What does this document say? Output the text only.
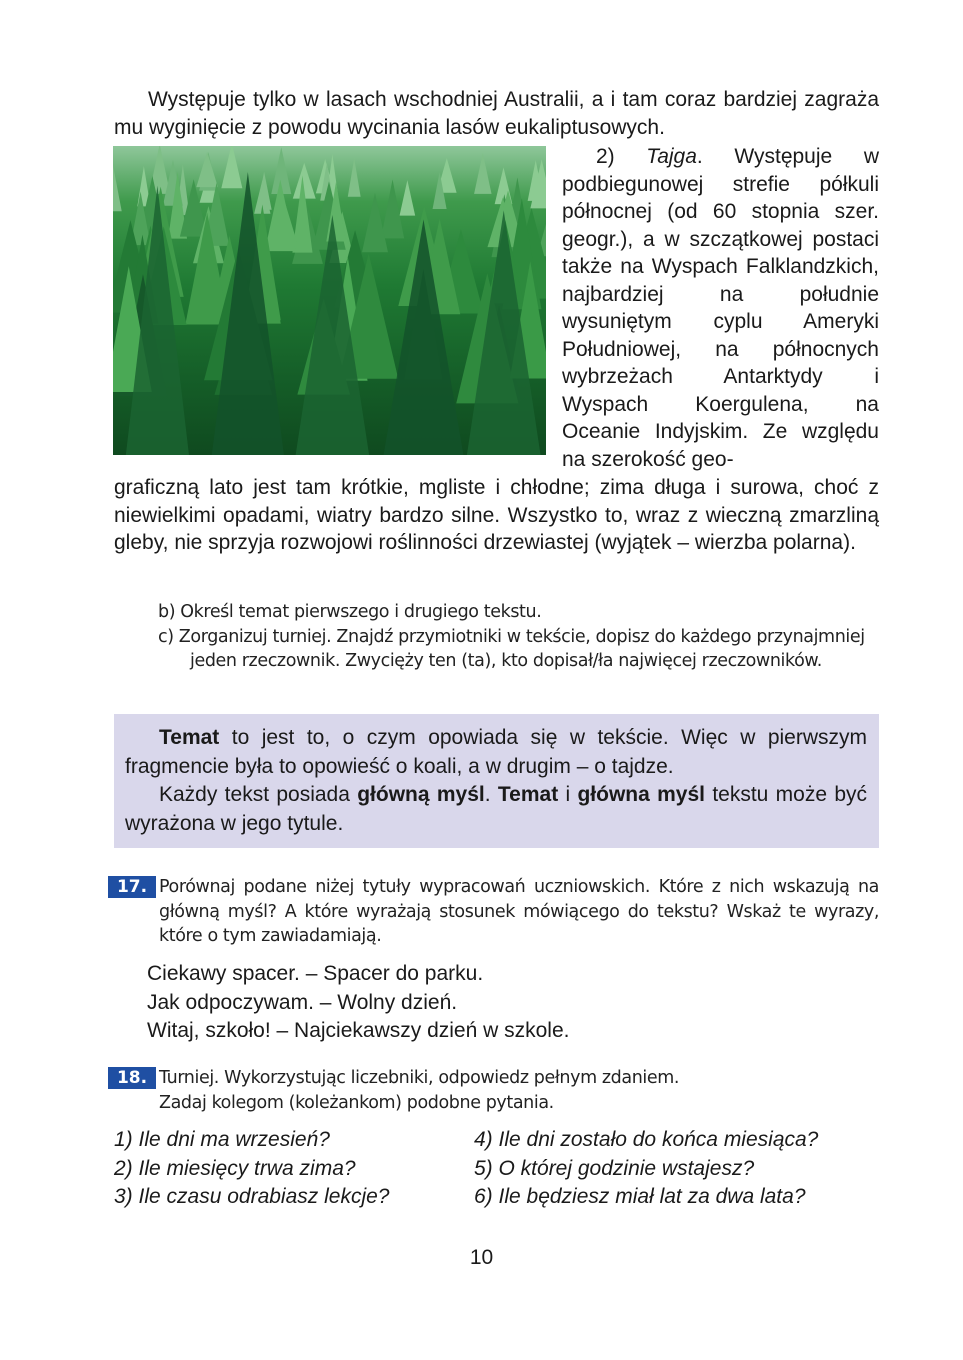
Występuje tylko w lasach wschodniej Australii, a i tam coraz bardziej zagraża mu wyginięcie z powodu wycinania lasów eukaliptusowych.

2) Tajga. Występuje w podbiegunowej strefie półkuli północnej (od 60 stopnia szer. geogr.), a w szczątkowej postaci także na Wyspach Falklandzkich, najbardziej na południe wysuniętym cyplu Ameryki Południowej, na północnych wybrzeżach Antarktydy i Wyspach Koergulena, na Oceanie Indyjskim. Ze względu na szerokość geo-

graficzną lato jest tam krótkie, mgliste i chłodne; zima długa i surowa, choć z niewielkimi opadami, wiatry bardzo silne. Wszystko to, wraz z wieczną zmarzliną gleby, nie sprzyja rozwojowi roślinności drzewiastej (wyjątek – wierzba polarna).

b) Określ temat pierwszego i drugiego tekstu.
c) Zorganizuj turniej. Znajdź przymiotniki w tekście, dopisz do każdego przynajmniej jeden rzeczownik. Zwycięży ten (ta), kto dopisał/ła najwięcej rzeczowników.

Temat to jest to, o czym opowiada się w tekście. Więc w pierwszym fragmencie była to opowieść o koali, a w drugim – o tajdze.

Każdy tekst posiada główną myśl. Temat i główna myśl tekstu może być wyrażona w jego tytule.

17. Porównaj podane niżej tytuły wypracowań uczniowskich. Które z nich wskazują na główną myśl? A które wyrażają stosunek mówiącego do tekstu? Wskaż te wyrazy, które o tym zawiadamiają.
Ciekawy spacer. – Spacer do parku.
Jak odpoczywam. – Wolny dzień.
Witaj, szkoło! – Najciekawszy dzień w szkole.
18. Turniej. Wykorzystując liczebniki, odpowiedz pełnym zdaniem.
Zadaj kolegom (koleżankom) podobne pytania.
1) Ile dni ma wrzesień?
2) Ile miesięcy trwa zima?
3) Ile czasu odrabiasz lekcje?
4) Ile dni zostało do końca miesiąca?
5) O której godzinie wstajesz?
6) Ile będziesz miał lat za dwa lata?
10
